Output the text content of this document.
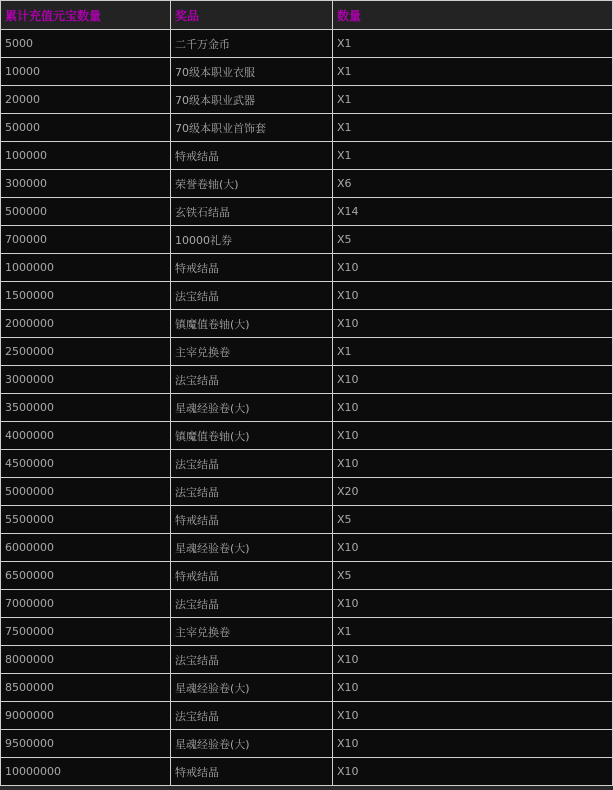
累计充值元宝数量	奖品	数量
5000	二千万金币	X1
10000	70级本职业衣服	X1
20000	70级本职业武器	X1
50000	70级本职业首饰套	X1
100000	特戒结晶	X1
300000	荣誉卷轴(大)	X6
500000	玄铁石结晶	X14
700000	10000礼券	X5
1000000	特戒结晶	X10
1500000	法宝结晶	X10
2000000	镇魔值卷轴(大)	X10
2500000	主宰兑换卷	X1
3000000	法宝结晶	X10
3500000	星魂经验卷(大)	X10
4000000	镇魔值卷轴(大)	X10
4500000	法宝结晶	X10
5000000	法宝结晶	X20
5500000	特戒结晶	X5
6000000	星魂经验卷(大)	X10
6500000	特戒结晶	X5
7000000	法宝结晶	X10
7500000	主宰兑换卷	X1
8000000	法宝结晶	X10
8500000	星魂经验卷(大)	X10
9000000	法宝结晶	X10
9500000	星魂经验卷(大)	X10
10000000	特戒结晶	X10
